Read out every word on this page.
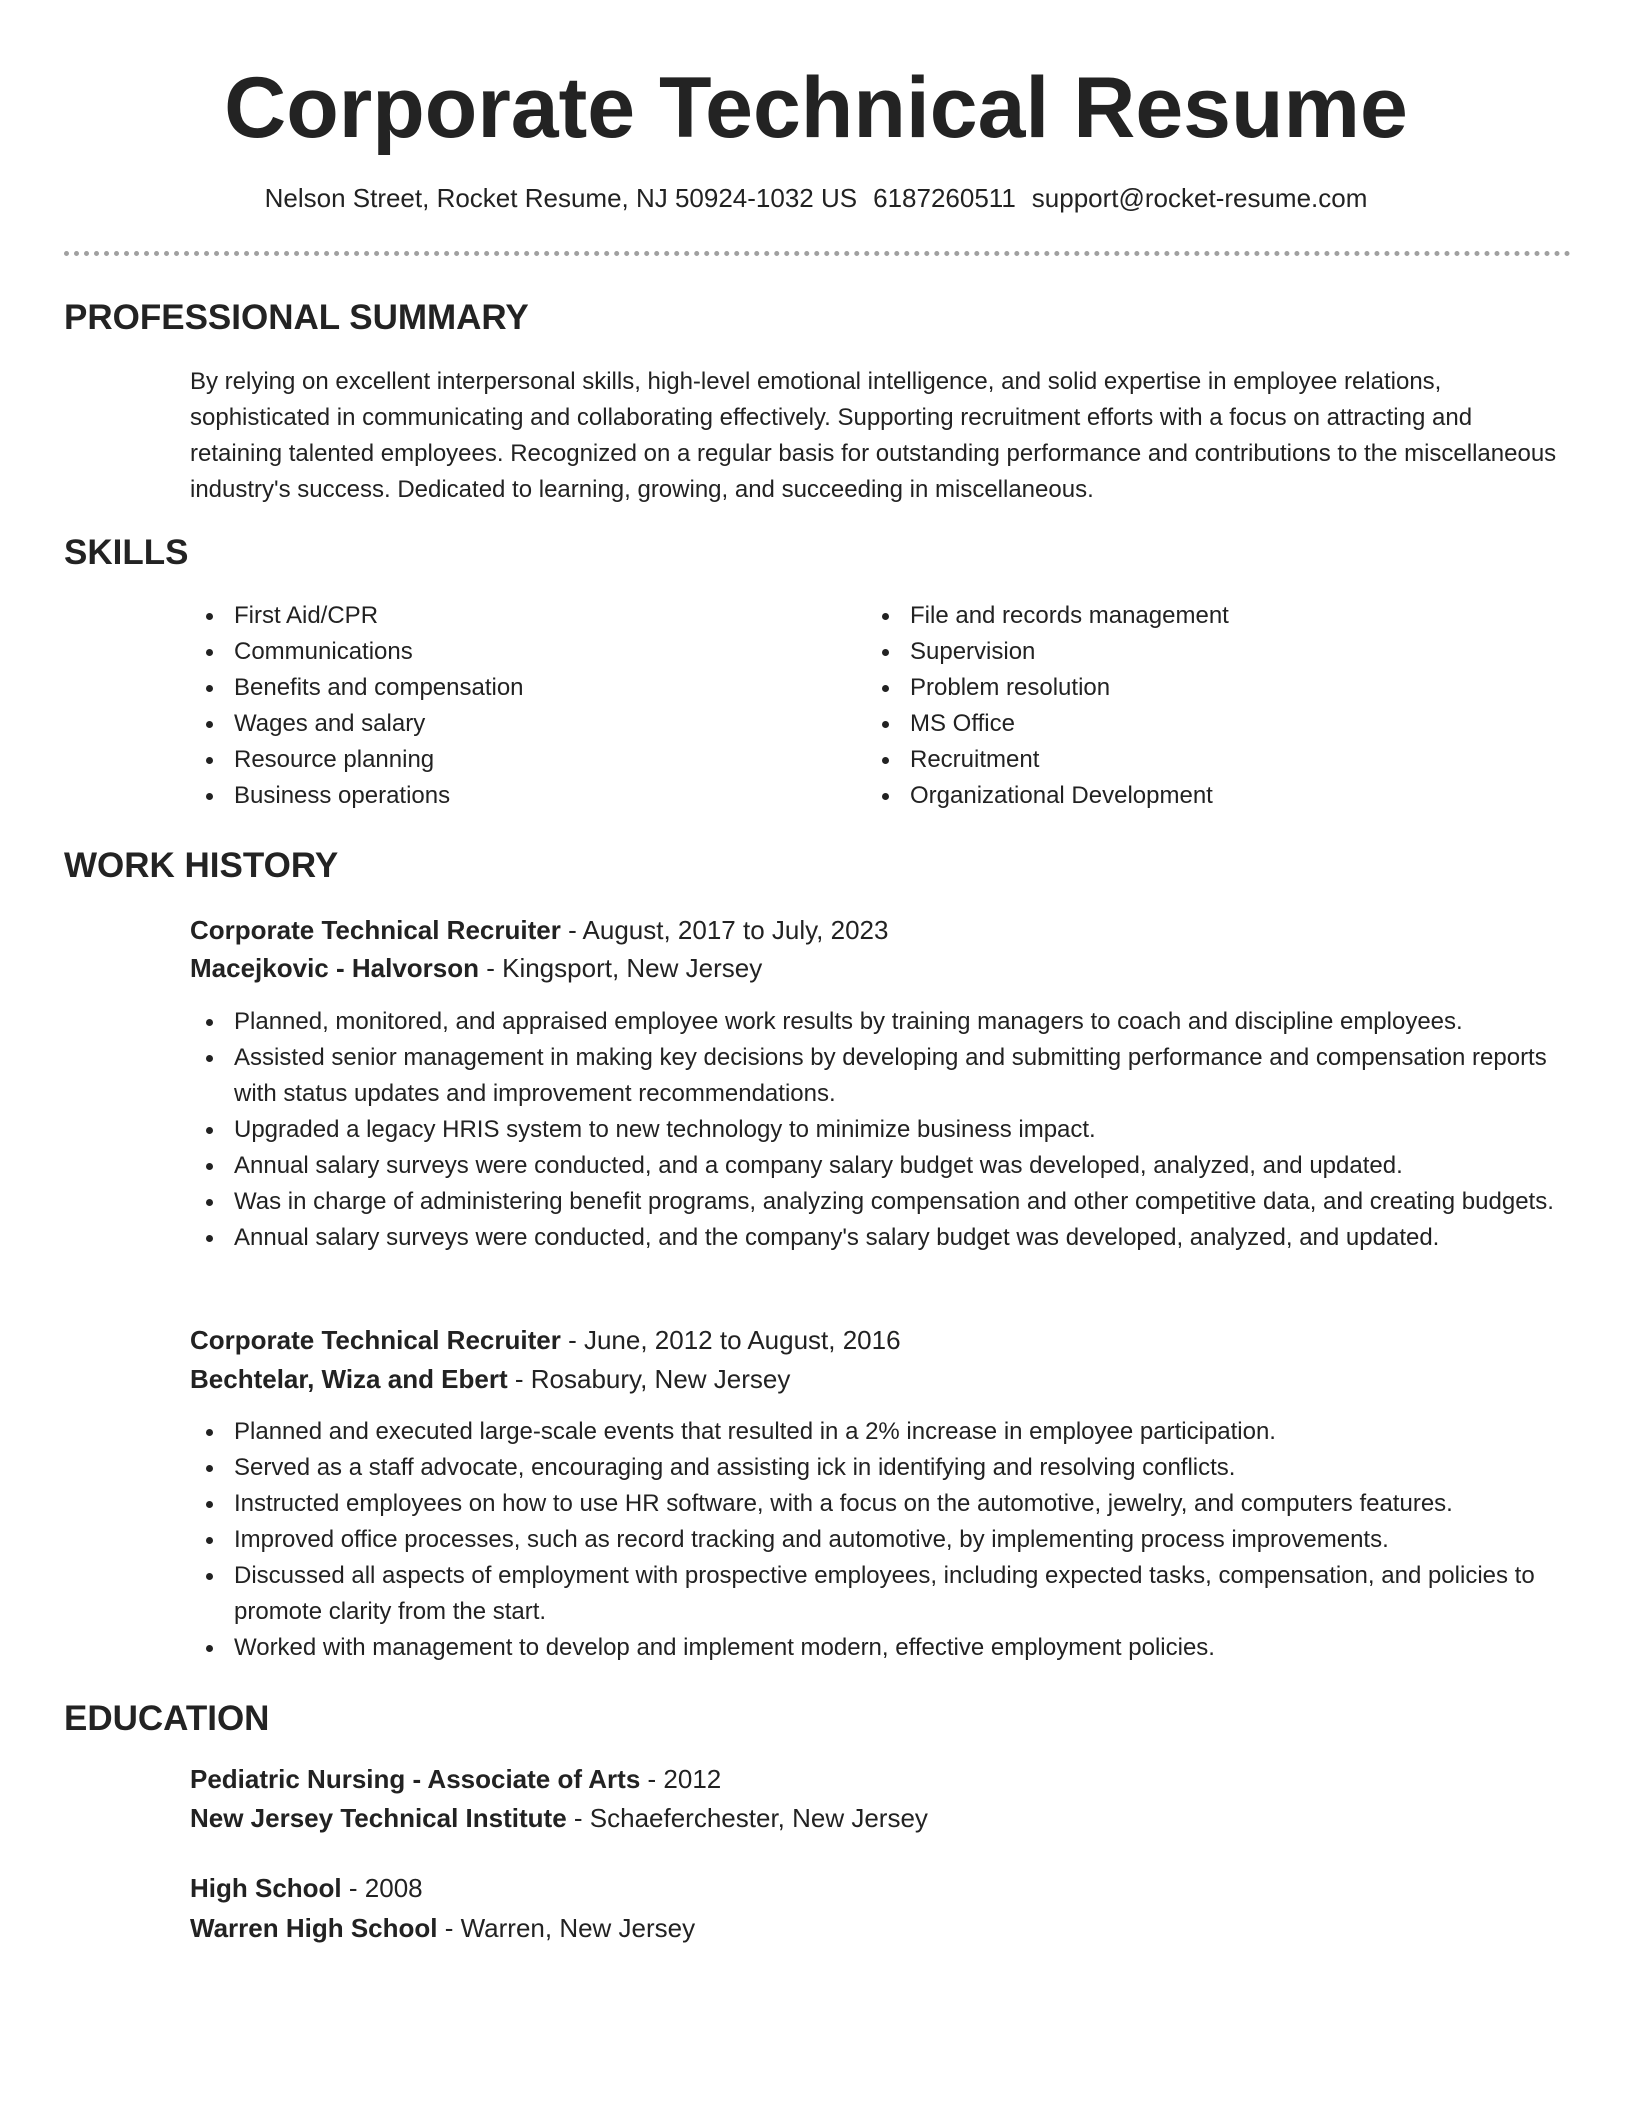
Corporate Technical Resume
Nelson Street, Rocket Resume, NJ 50924-1032 US 6187260511 support@rocket-resume.com
PROFESSIONAL SUMMARY
By relying on excellent interpersonal skills, high-level emotional intelligence, and solid expertise in employee relations, sophisticated in communicating and collaborating effectively. Supporting recruitment efforts with a focus on attracting and retaining talented employees. Recognized on a regular basis for outstanding performance and contributions to the miscellaneous industry's success. Dedicated to learning, growing, and succeeding in miscellaneous.
SKILLS
First Aid/CPR
Communications
Benefits and compensation
Wages and salary
Resource planning
Business operations
File and records management
Supervision
Problem resolution
MS Office
Recruitment
Organizational Development
WORK HISTORY
Corporate Technical Recruiter - August, 2017 to July, 2023
Macejkovic - Halvorson - Kingsport, New Jersey
Planned, monitored, and appraised employee work results by training managers to coach and discipline employees.
Assisted senior management in making key decisions by developing and submitting performance and compensation reports with status updates and improvement recommendations.
Upgraded a legacy HRIS system to new technology to minimize business impact.
Annual salary surveys were conducted, and a company salary budget was developed, analyzed, and updated.
Was in charge of administering benefit programs, analyzing compensation and other competitive data, and creating budgets.
Annual salary surveys were conducted, and the company's salary budget was developed, analyzed, and updated.
Corporate Technical Recruiter - June, 2012 to August, 2016
Bechtelar, Wiza and Ebert - Rosabury, New Jersey
Planned and executed large-scale events that resulted in a 2% increase in employee participation.
Served as a staff advocate, encouraging and assisting ick in identifying and resolving conflicts.
Instructed employees on how to use HR software, with a focus on the automotive, jewelry, and computers features.
Improved office processes, such as record tracking and automotive, by implementing process improvements.
Discussed all aspects of employment with prospective employees, including expected tasks, compensation, and policies to promote clarity from the start.
Worked with management to develop and implement modern, effective employment policies.
EDUCATION
Pediatric Nursing - Associate of Arts - 2012
New Jersey Technical Institute - Schaeferchester, New Jersey
High School - 2008
Warren High School - Warren, New Jersey
